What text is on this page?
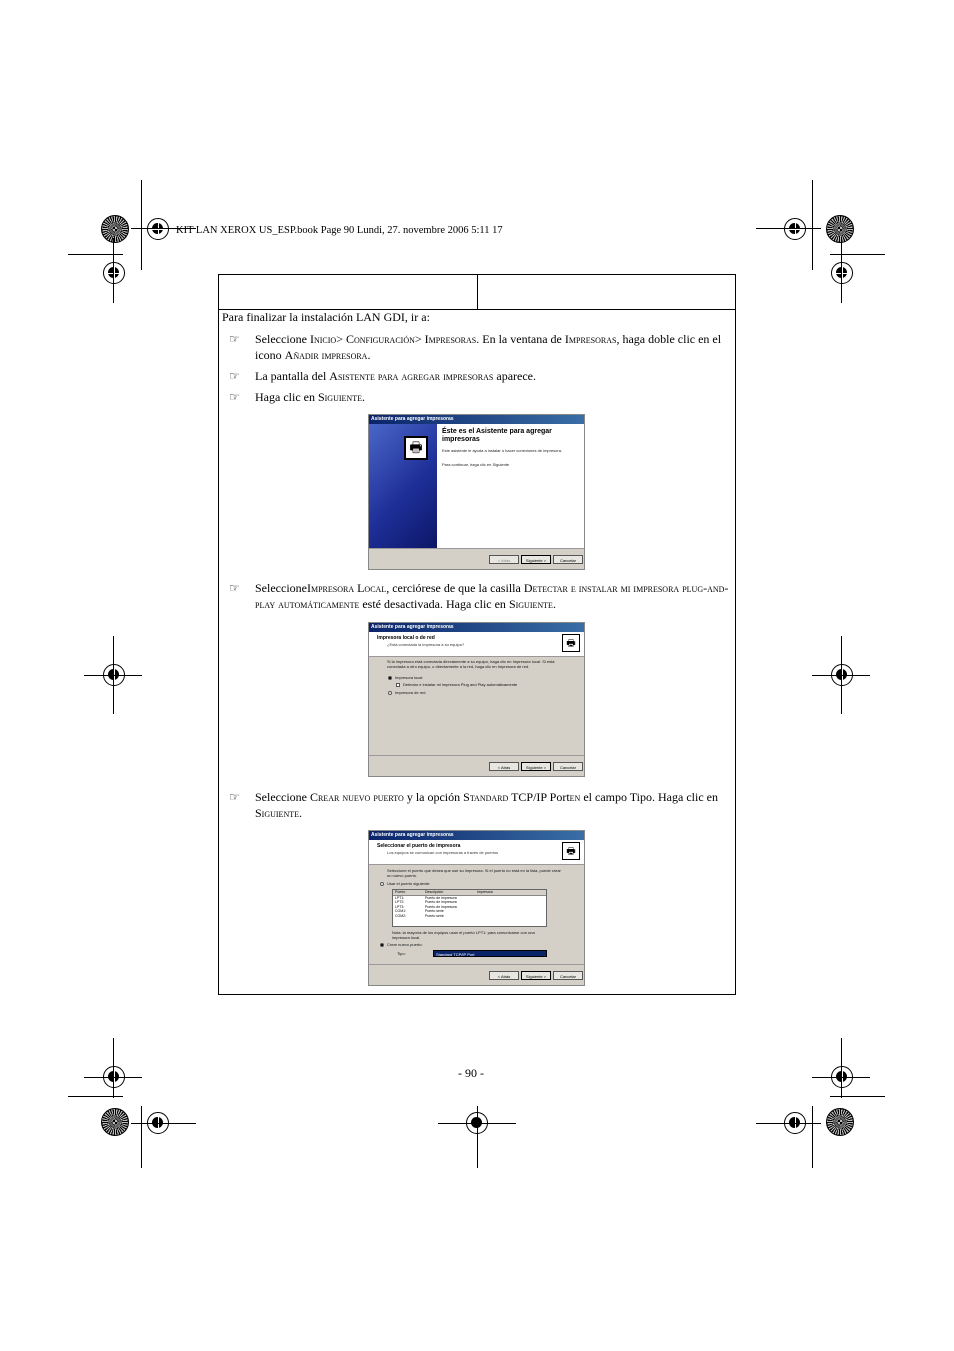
KIT LAN XEROX US_ESP.book Page 90 Lundi, 27. novembre 2006 5:11 17
Para finalizar la instalación LAN GDI, ir a:
☞	Seleccione Inicio> Configuración> Impresoras. En la ventana de Impresoras, haga doble clic en el icono Añadir impresora.
☞	La pantalla del Asistente para agregar impresoras aparece.
☞	Haga clic en Siguiente.
Asistente para agregar impresoras
🖶
Éste es el Asistente para agregar impresoras
Este asistente le ayuda a instalar o hacer conexiones de impresora.
Para continuar, haga clic en Siguiente
< Atrás	Siguiente >	Cancelar
☞	SeleccioneImpresora Local, cerciórese de que la casilla Detectar e instalar mi impresora plug-and-play automáticamente esté desactivada. Haga clic en Siguiente.
Asistente para agregar impresoras
Impresora local o de red
¿Está conectada la impresora a su equipo?	🖶
Si la impresora está conectada directamente a su equipo, haga clic en Impresora local. Si está conectada a otro equipo, o directamente a la red, haga clic en Impresora de red.
Impresora local
Detectar e instalar mi impresora Plug and Play automáticamente
Impresora de red
< Atrás	Siguiente >	Cancelar
☞	Seleccione Crear nuevo puerto y la opción Standard TCP/IP Porten el campo Tipo. Haga clic en Siguiente.
Asistente para agregar impresoras
Seleccionar el puerto de impresora
Los equipos se comunican con impresoras a través de puertos	🖶
Seleccione el puerto que desea que use su impresora. Si el puerto no está en la lista, puede crear un nuevo puerto.
Usar el puerto siguiente:
Puerto	Descripción	Impresora
LPT1:	Puerto de impresora
LPT2:	Puerto de impresora
LPT3:	Puerto de impresora
COM1:	Puerto serie
COM2:	Puerto serie
Nota: la mayoría de los equipos usan el puerto LPT1: para comunicarse con una impresora local.
Crear nuevo puerto:
Tipo:	Standard TCP/IP Port
< Atrás	Siguiente >	Cancelar
- 90 -
